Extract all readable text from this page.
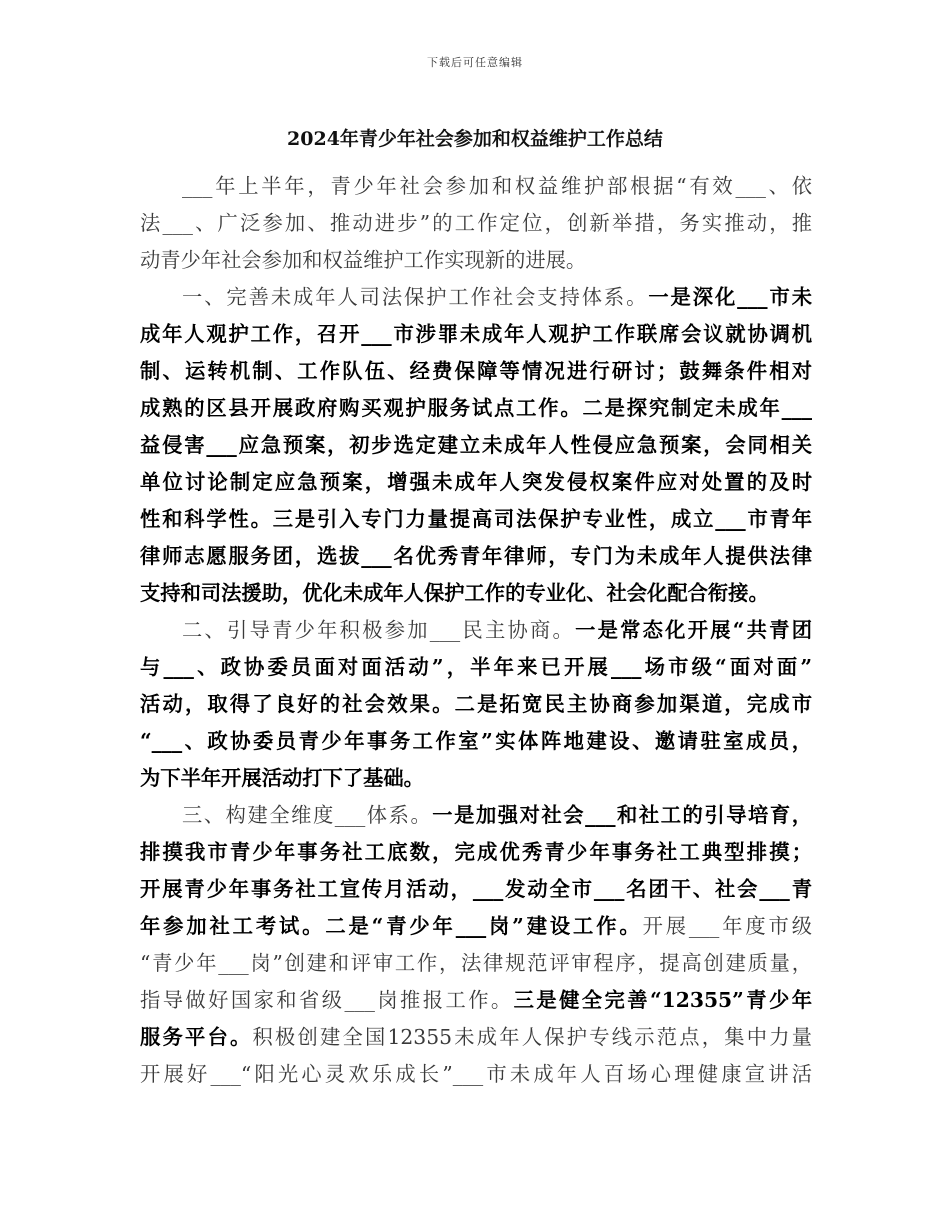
下载后可任意编辑
2024年青少年社会参加和权益维护工作总结
___年上半年，青少年社会参加和权益维护部根据“有效___、依
法___、广泛参加、推动进步”的工作定位，创新举措，务实推动，推
动青少年社会参加和权益维护工作实现新的进展。
一、完善未成年人司法保护工作社会支持体系。一是深化___市未
成年人观护工作，召开___市涉罪未成年人观护工作联席会议就协调机
制、运转机制、工作队伍、经费保障等情况进行研讨；鼓舞条件相对
成熟的区县开展政府购买观护服务试点工作。二是探究制定未成年___
益侵害___应急预案，初步选定建立未成年人性侵应急预案，会同相关
单位讨论制定应急预案，增强未成年人突发侵权案件应对处置的及时
性和科学性。三是引入专门力量提高司法保护专业性，成立___市青年
律师志愿服务团，选拔___名优秀青年律师，专门为未成年人提供法律
支持和司法援助，优化未成年人保护工作的专业化、社会化配合衔接。
二、引导青少年积极参加___民主协商。一是常态化开展“共青团
与___、政协委员面对面活动”，半年来已开展___场市级“面对面”
活动，取得了良好的社会效果。二是拓宽民主协商参加渠道，完成市
“___、政协委员青少年事务工作室”实体阵地建设、邀请驻室成员，
为下半年开展活动打下了基础。
三、构建全维度___体系。一是加强对社会___和社工的引导培育，
排摸我市青少年事务社工底数，完成优秀青少年事务社工典型排摸；
开展青少年事务社工宣传月活动，___发动全市___名团干、社会___青
年参加社工考试。二是“青少年___岗”建设工作。开展___年度市级
“青少年___岗”创建和评审工作，法律规范评审程序，提高创建质量，
指导做好国家和省级___岗推报工作。三是健全完善“12355”青少年
服务平台。积极创建全国12355未成年人保护专线示范点，集中力量
开展好___“阳光心灵欢乐成长”___市未成年人百场心理健康宣讲活
